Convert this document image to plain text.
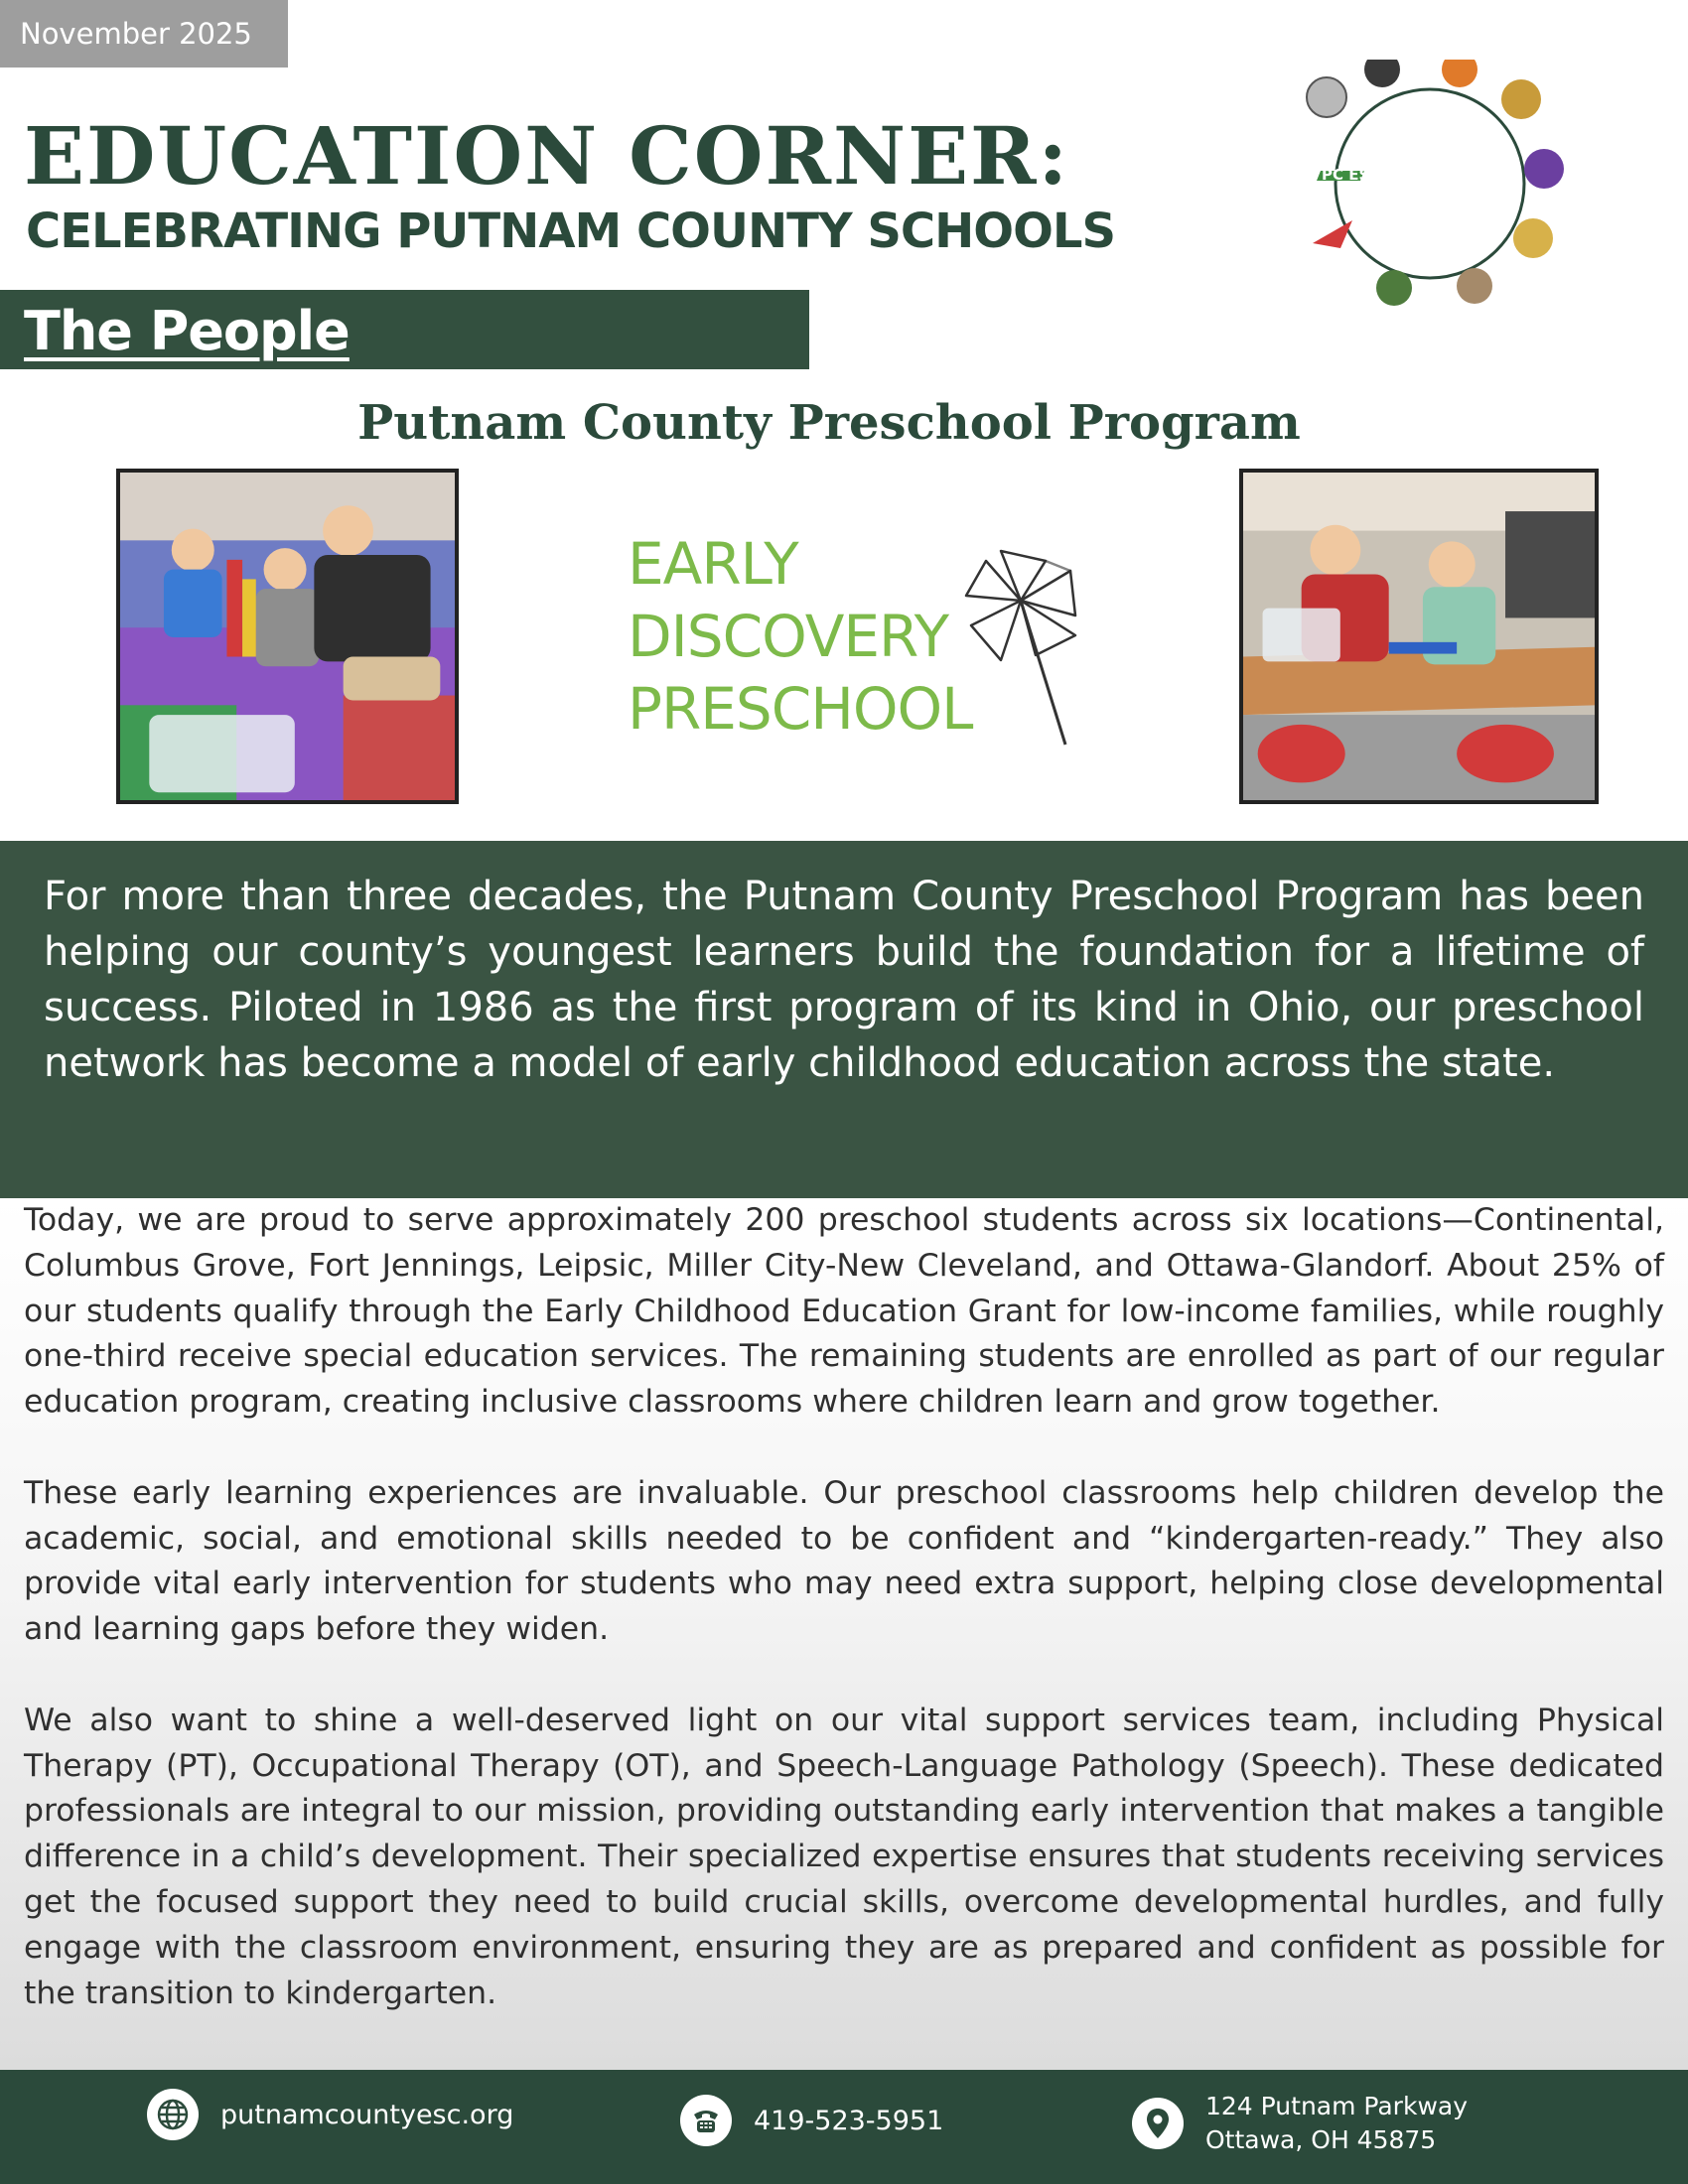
November 2025
EDUCATION CORNER:
CELEBRATING PUTNAM COUNTY SCHOOLS
PC ESC
The People
Putnam County Preschool Program
EARLY
DISCOVERY
PRESCHOOL

For more than three decades, the Putnam County Preschool Program has been helping our county’s youngest learners build the foundation for a lifetime of success. Piloted in 1986 as the first program of its kind in Ohio, our preschool network has become a model of early childhood education across the state.

Today, we are proud to serve approximately 200 preschool students across six locations—Continental, Columbus Grove, Fort Jennings, Leipsic, Miller City-New Cleveland, and Ottawa-Glandorf. About 25% of our students qualify through the Early Childhood Education Grant for low-income families, while roughly one-third receive special education services. The remaining students are enrolled as part of our regular education program, creating inclusive classrooms where children learn and grow together.

These early learning experiences are invaluable. Our preschool classrooms help children develop the academic, social, and emotional skills needed to be confident and “kindergarten-ready.” They also provide vital early intervention for students who may need extra support, helping close developmental and learning gaps before they widen.

We also want to shine a well-deserved light on our vital support services team, including Physical Therapy (PT), Occupational Therapy (OT), and Speech-Language Pathology (Speech). These dedicated professionals are integral to our mission, providing outstanding early intervention that makes a tangible difference in a child’s development. Their specialized expertise ensures that students receiving services get the focused support they need to build crucial skills, overcome developmental hurdles, and fully engage with the classroom environment, ensuring they are as prepared and confident as possible for the transition to kindergarten.

putnamcountyesc.org	419-523-5951	124 Putnam Parkway
Ottawa, OH 45875
